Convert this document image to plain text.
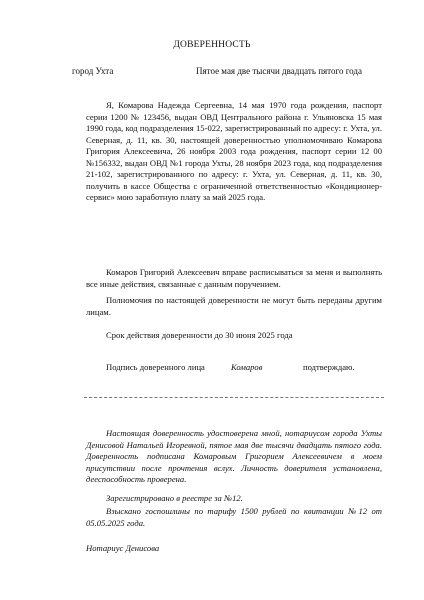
ДОВЕРЕННОСТЬ
город Ухта	Пятое мая две тысячи двадцать пятого года

Я, Комарова Надежда Сергеевна, 14 мая 1970 года рождения, паспорт серии 1200 № 123456, выдан ОВД Центрального района г. Ульяновска 15 мая 1990 года, код подразделения 15-022, зарегистрированный по адресу: г. Ухта, ул. Северная, д. 11, кв. 30, настоящей доверенностью уполномочиваю Комарова Григория Алексеевича, 26 ноября 2003 года рождения, паспорт серии 12 00 №156332, выдан ОВД №1 города Ухты, 28 ноября 2023 года, код подразделения 21-102, зарегистрированного по адресу: г. Ухта, ул. Северная, д. 11, кв. 30, получить в кассе Общества с ограниченной ответственностью «Кондиционер-сервис» мою заработную плату за май 2025 года.

Комаров Григорий Алексеевич вправе расписываться за меня и выполнять все иные действия, связанные с данным поручением.

Полномочия по настоящей доверенности не могут быть переданы другим лицам.

Срок действия доверенности до 30 июня 2025 года
Подпись доверенного лица	Комаров	подтверждаю.

Настоящая доверенность удостоверена мной, нотариусом города Ухты Денисовой Натальей Игоревной, пятое мая две тысячи двадцать пятого года. Доверенность подписана Комаровым Григорием Алексеевичем в моем присутствии после прочтения вслух. Личность доверителя установлена, дееспособность проверена.

Зарегистрировано в реестре за №12.

Взыскано госпошлины по тарифу 1500 рублей по квитанции №12 от 05.05.2025 года.

Нотариус Денисова
